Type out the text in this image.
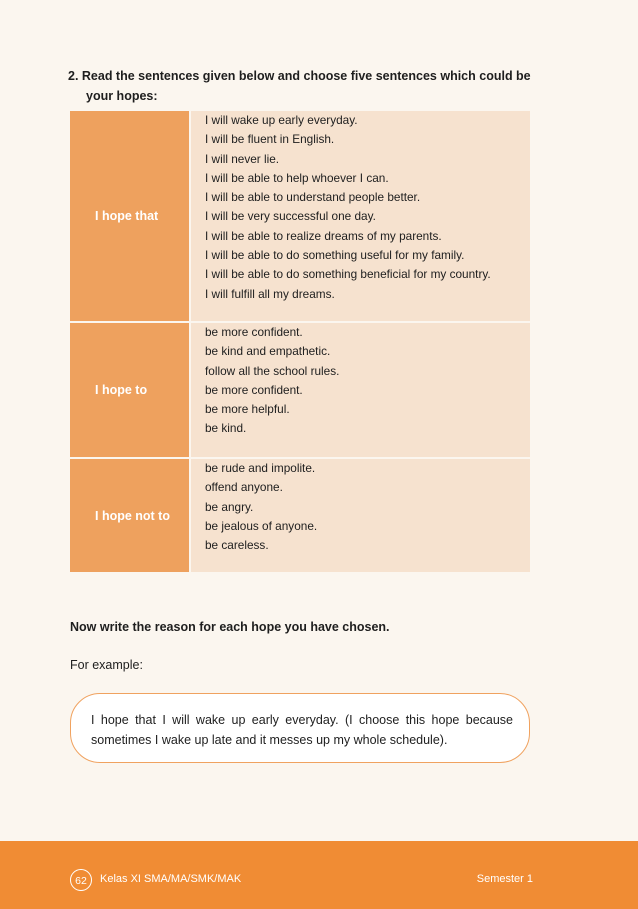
2. Read the sentences given below and choose five sentences which could be
your hopes:
I hope that
I will wake up early everyday.
I will be fluent in English.
I will never lie.
I will be able to help whoever I can.
I will be able to understand people better.
I will be very successful one day.
I will be able to realize dreams of my parents.
I will be able to do something useful for my family.
I will be able to do something beneficial for my country.
I will fulfill all my dreams.
I hope to
be more confident.
be kind and empathetic.
follow all the school rules.
be more confident.
be more helpful.
be kind.
I hope not to
be rude and impolite.
offend anyone.
be angry.
be jealous of anyone.
be careless.
Now write the reason for each hope you have chosen.
For example:
I hope that I will wake up early everyday. (I choose this hope because sometimes I wake up late and it messes up my whole schedule).
62	Kelas XI SMA/MA/SMK/MAK	Semester 1
